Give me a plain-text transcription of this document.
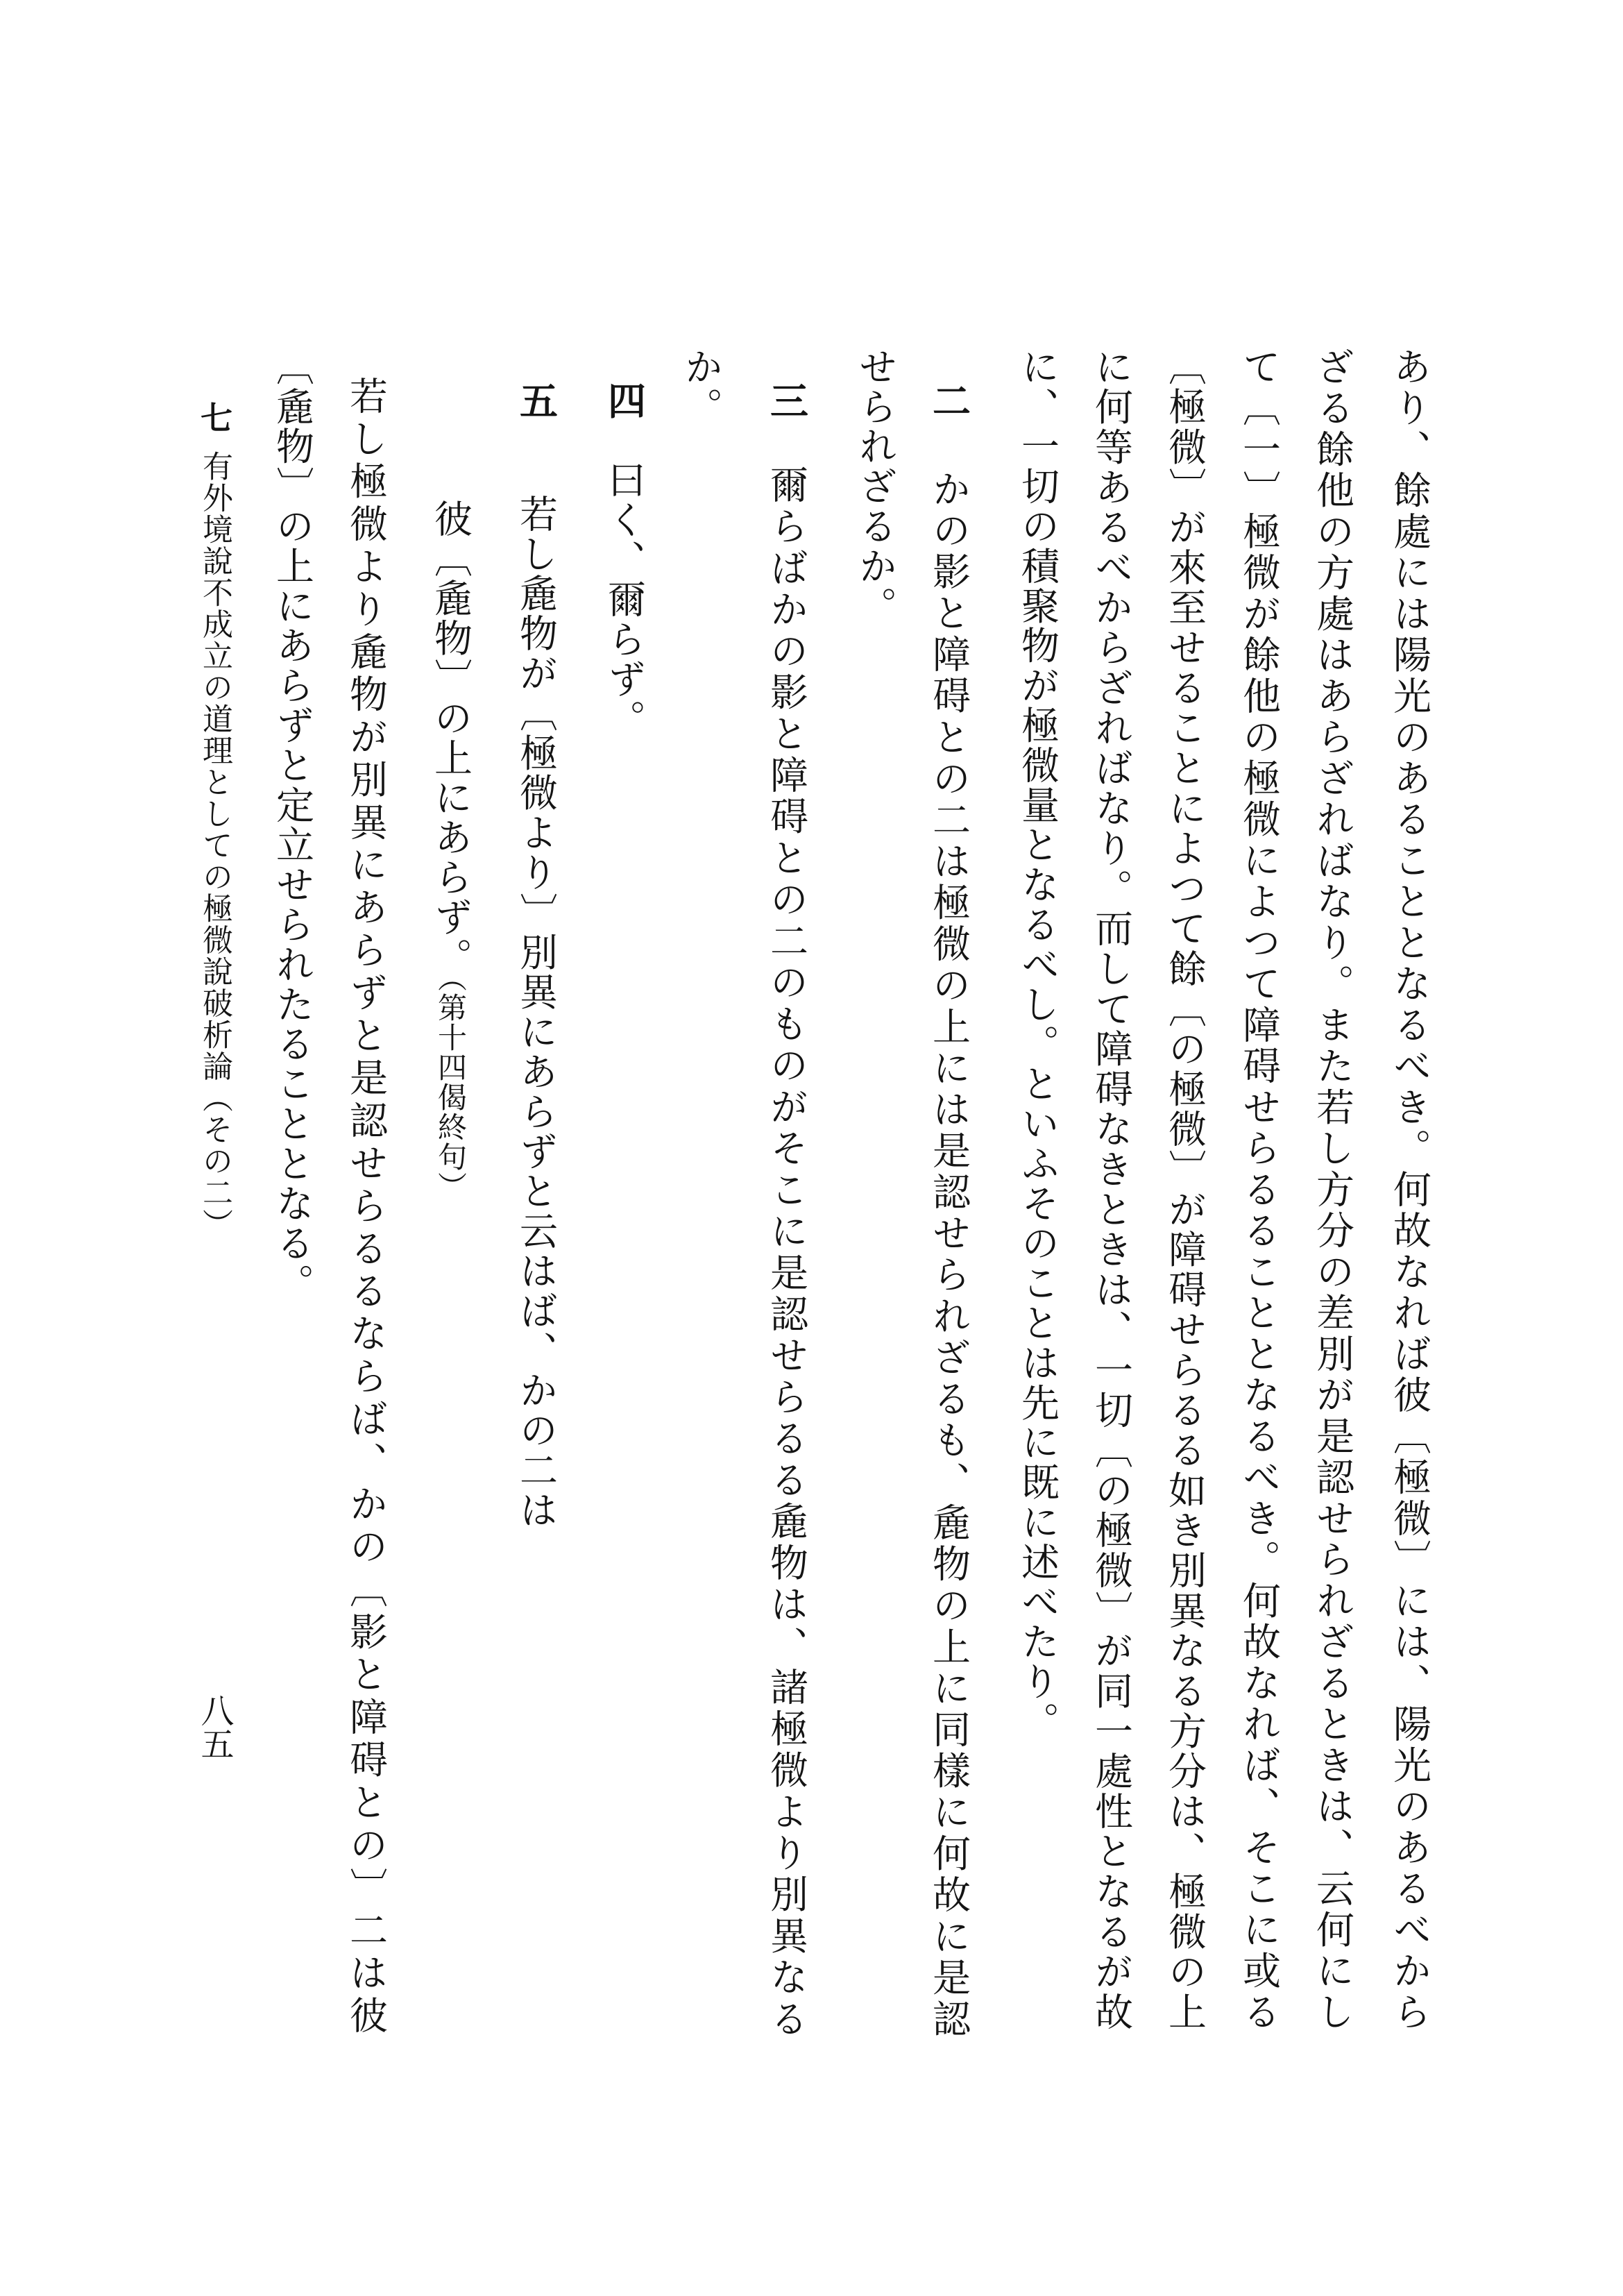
あり、餘處には陽光のあることとなるべき。何故なれば彼〔極微〕には、陽光のあるべから
ざる餘他の方處はあらざればなり。また若し方分の差別が是認せられざるときは、云何にし
て〔一〕極微が餘他の極微によつて障碍せらるることとなるべき。何故なれば、そこに或る
〔極微〕が來至せることによつて餘〔の極微〕が障碍せらるる如き別異なる方分は、極微の上
に何等あるべからざればなり。而して障碍なきときは、一切〔の極微〕が同一處性となるが故
に、一切の積聚物が極微量となるべし。といふそのことは先に既に述べたり。
二
かの影と障碍との二は極微の上には是認せられざるも、麁物の上に同樣に何故に是認
せられざるか。
三
爾らばかの影と障碍との二のものがそこに是認せらるる麁物は、諸極微より別異なる
か。
四
曰く、爾らず。
五
若し麁物が〔極微より〕別異にあらずと云はば、かの二は
彼〔麁物〕の上にあらず。（第十四偈終句）
若し極微より麁物が別異にあらずと是認せらるるならば、かの〔影と障碍との〕二は彼
〔麁物〕の上にあらずと定立せられたることとなる。
七
有外境說不成立の道理としての極微說破析論（その二）
八五
